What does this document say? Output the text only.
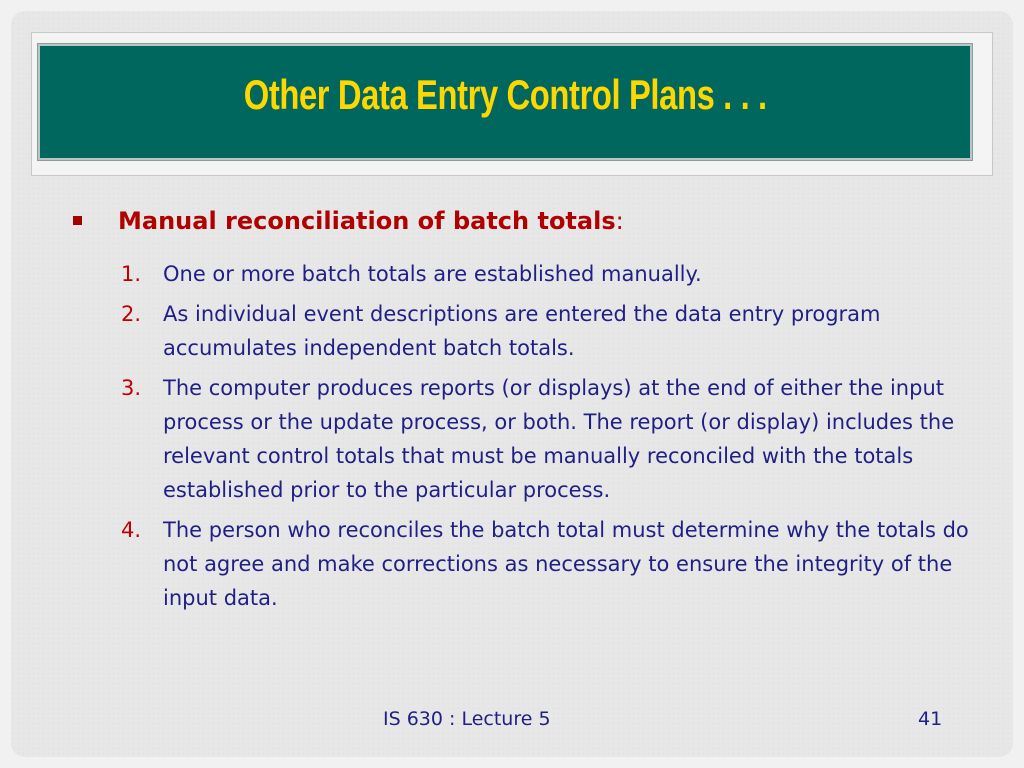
Other Data Entry Control Plans . . .
Manual reconciliation of batch totals:
1.	One or more batch totals are established manually.
2.	As individual event descriptions are entered the data entry program accumulates independent batch totals.
3.	The computer produces reports (or displays) at the end of either the input process or the update process, or both. The report (or display) includes the relevant control totals that must be manually reconciled with the totals established prior to the particular process.
4.	The person who reconciles the batch total must determine why the totals do not agree and make corrections as necessary to ensure the integrity of the input data.
IS 630 : Lecture 5	41
